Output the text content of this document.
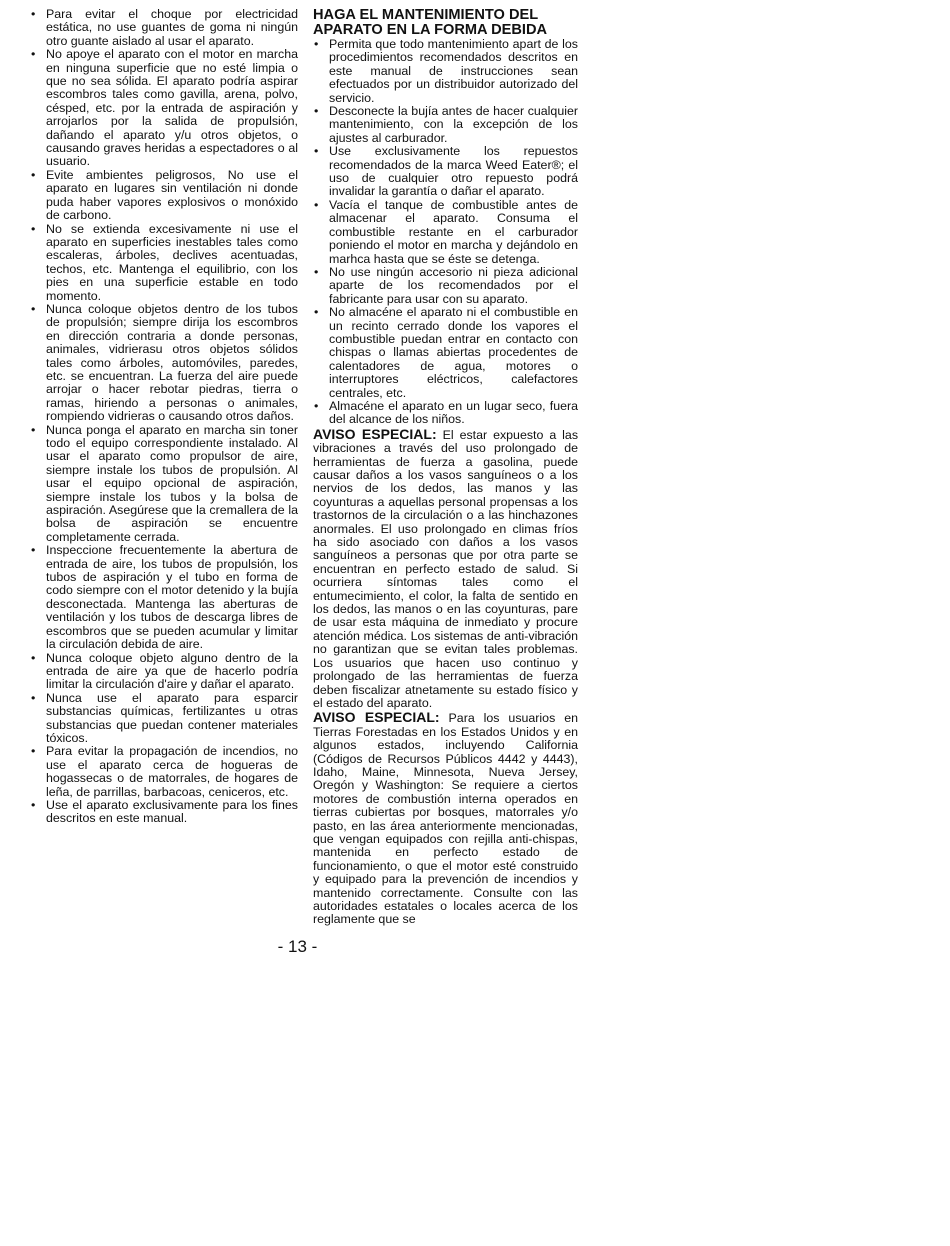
• Para evitar el choque por electricidad estática, no use guantes de goma ni ningún otro guante aislado al usar el aparato.
• No apoye el aparato con el motor en marcha en ninguna superficie que no esté limpia o que no sea sólida. El aparato podría aspirar escombros tales como gavilla, arena, polvo, césped, etc. por la entrada de aspiración y arrojarlos por la salida de propulsión, dañando el aparato y/u otros objetos, o causando graves heridas a espectadores o al usuario.
• Evite ambientes peligrosos, No use el aparato en lugares sin ventilación ni donde puda haber vapores explosivos o monóxido de carbono.
• No se extienda excesivamente ni use el aparato en superficies inestables tales como escaleras, árboles, declives acentuadas, techos, etc. Mantenga el equilibrio, con los pies en una superficie estable en todo momento.
• Nunca coloque objetos dentro de los tubos de propulsión; siempre dirija los escombros en dirección contraria a donde personas, animales, vidrierasu otros objetos sólidos tales como árboles, automóviles, paredes, etc. se encuentran. La fuerza del aire puede arrojar o hacer rebotar piedras, tierra o ramas, hiriendo a personas o animales, rompiendo vidrieras o causando otros daños.
• Nunca ponga el aparato en marcha sin toner todo el equipo correspondiente instalado. Al usar el aparato como propulsor de aire, siempre instale los tubos de propulsión. Al usar el equipo opcional de aspiración, siempre instale los tubos y la bolsa de aspiración. Asegúrese que la cremallera de la bolsa de aspiración se encuentre completamente cerrada.
• Inspeccione frecuentemente la abertura de entrada de aire, los tubos de propulsión, los tubos de aspiración y el tubo en forma de codo siempre con el motor detenido y la bujía desconectada. Mantenga las aberturas de ventilación y los tubos de descarga libres de escombros que se pueden acumular y limitar la circulación debida de aire.
• Nunca coloque objeto alguno dentro de la entrada de aire ya que de hacerlo podría limitar la circulación d'aire y dañar el aparato.
• Nunca use el aparato para esparcir substancias químicas, fertilizantes u otras substancias que puedan contener materiales tóxicos.
• Para evitar la propagación de incendios, no use el aparato cerca de hogueras de hogassecas o de matorrales, de hogares de leña, de parrillas, barbacoas, ceniceros, etc.
• Use el aparato exclusivamente para los fines descritos en este manual.
HAGA EL MANTENIMIENTO DEL APARATO EN LA FORMA DEBIDA
• Permita que todo mantenimiento apart de los procedimientos recomendados descritos en este manual de instrucciones sean efectuados por un distribuidor autorizado del servicio.
• Desconecte la bujía antes de hacer cualquier mantenimiento, con la excepción de los ajustes al carburador.
• Use exclusivamente los repuestos recomendados de la marca Weed Eater®; el uso de cualquier otro repuesto podrá invalidar la garantía o dañar el aparato.
• Vacía el tanque de combustible antes de almacenar el aparato. Consuma el combustible restante en el carburador poniendo el motor en marcha y dejándolo en marhca hasta que se éste se detenga.
• No use ningún accesorio ni pieza adicional aparte de los recomendados por el fabricante para usar con su aparato.
• No almacéne el aparato ni el combustible en un recinto cerrado donde los vapores el combustible puedan entrar en contacto con chispas o llamas abiertas procedentes de calentadores de agua, motores o interruptores eléctricos, calefactores centrales, etc.
• Almacéne el aparato en un lugar seco, fuera del alcance de los niños.

AVISO ESPECIAL: El estar expuesto a las vibraciones a través del uso prolongado de herramientas de fuerza a gasolina, puede causar daños a los vasos sanguíneos o a los nervios de los dedos, las manos y las coyunturas a aquellas personal propensas a los trastornos de la circulación o a las hinchazones anormales. El uso prolongado en climas fríos ha sido asociado con daños a los vasos sanguíneos a personas que por otra parte se encuentran en perfecto estado de salud. Si ocurriera síntomas tales como el entumecimiento, el color, la falta de sentido en los dedos, las manos o en las coyunturas, pare de usar esta máquina de inmediato y procure atención médica. Los sistemas de anti-vibración no garantizan que se evitan tales problemas. Los usuarios que hacen uso continuo y prolongado de las herramientas de fuerza deben fiscalizar atnetamente su estado físico y el estado del aparato.

AVISO ESPECIAL: Para los usuarios en Tierras Forestadas en los Estados Unidos y en algunos estados, incluyendo California (Códigos de Recursos Públicos 4442 y 4443), Idaho, Maine, Minnesota, Nueva Jersey, Oregón y Washington: Se requiere a ciertos motores de combustión interna operados en tierras cubiertas por bosques, matorrales y/o pasto, en las área anteriormente mencionadas, que vengan equipados con rejilla anti-chispas, mantenida en perfecto estado de funcionamiento, o que el motor esté construido y equipado para la prevención de incendios y mantenido correctamente. Consulte con las autoridades estatales o locales acerca de los reglamente que se

- 13 -
